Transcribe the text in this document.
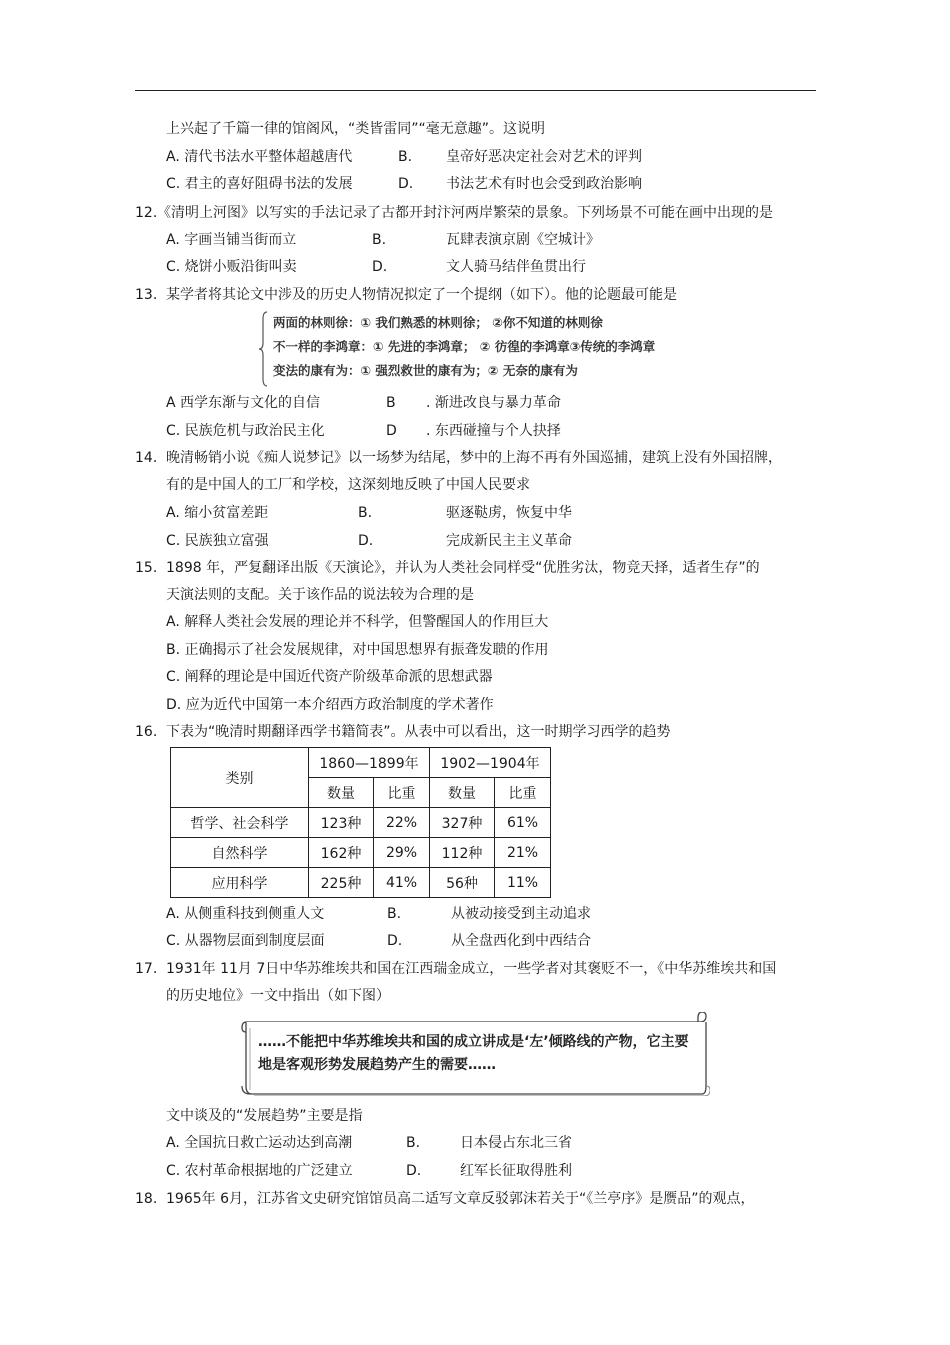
上兴起了千篇一律的馆阁风，“类皆雷同”“毫无意趣”。这说明
A. 清代书法水平整体超越唐代	B. 皇帝好恶决定社会对艺术的评判
C. 君主的喜好阻碍书法的发展	D. 书法艺术有时也会受到政治影响
12. 《清明上河图》以写实的手法记录了古都开封汴河两岸繁荣的景象。下列场景不可能在画中出现的是
A. 字画当铺当街而立	B.	瓦肆表演京剧《空城计》
C. 烧饼小贩沿街叫卖	D.	文人骑马结伴鱼贯出行
13. 某学者将其论文中涉及的历史人物情况拟定了一个提纲（如下）。他的论题最可能是
两面的林则徐：① 我们熟悉的林则徐； ②你不知道的林则徐
不一样的李鸿章：① 先进的李鸿章； ② 彷徨的李鸿章③传统的李鸿章
变法的康有为：① 强烈救世的康有为；② 无奈的康有为
A 西学东渐与文化的自信	B . 渐进改良与暴力革命
C. 民族危机与政治民主化	D . 东西碰撞与个人抉择
14. 晚清畅销小说《痴人说梦记》以一场梦为结尾，梦中的上海不再有外国巡捕，建筑上没有外国招牌，
有的是中国人的工厂和学校，这深刻地反映了中国人民要求
A. 缩小贫富差距	B.	驱逐鞑虏，恢复中华
C. 民族独立富强	D.	完成新民主主义革命
15. 1898 年，严复翻译出版《天演论》，并认为人类社会同样受“优胜劣汰，物竞天择，适者生存”的
天演法则的支配。关于该作品的说法较为合理的是
A. 解释人类社会发展的理论并不科学，但警醒国人的作用巨大
B. 正确揭示了社会发展规律，对中国思想界有振聋发聩的作用
C. 阐释的理论是中国近代资产阶级革命派的思想武器
D. 应为近代中国第一本介绍西方政治制度的学术著作
16. 下表为“晚清时期翻译西学书籍简表”。从表中可以看出，这一时期学习西学的趋势
类别	1860—1899年		1902—1904年	
	数量	比重	数量	比重
哲学、社会科学	123种	22%	327种	61%
自然科学	162种	29%	112种	21%
应用科学	225种	41%	56种	11%
A. 从侧重科技到侧重人文	B.	从被动接受到主动追求
C. 从器物层面到制度层面	D.	从全盘西化到中西结合
17. 1931年 11月 7日中华苏维埃共和国在江西瑞金成立，一些学者对其褒贬不一，《中华苏维埃共和国
的历史地位》一文中指出（如下图）
……不能把中华苏维埃共和国的成立讲成是‘左’倾路线的产物，它主要
地是客观形势发展趋势产生的需要……
文中谈及的“发展趋势”主要是指
A. 全国抗日救亡运动达到高潮	B.	日本侵占东北三省
C. 农村革命根据地的广泛建立	D.	红军长征取得胜利
18. 1965年 6月，江苏省文史研究馆馆员高二适写文章反驳郭沫若关于“《兰亭序》是赝品”的观点，
